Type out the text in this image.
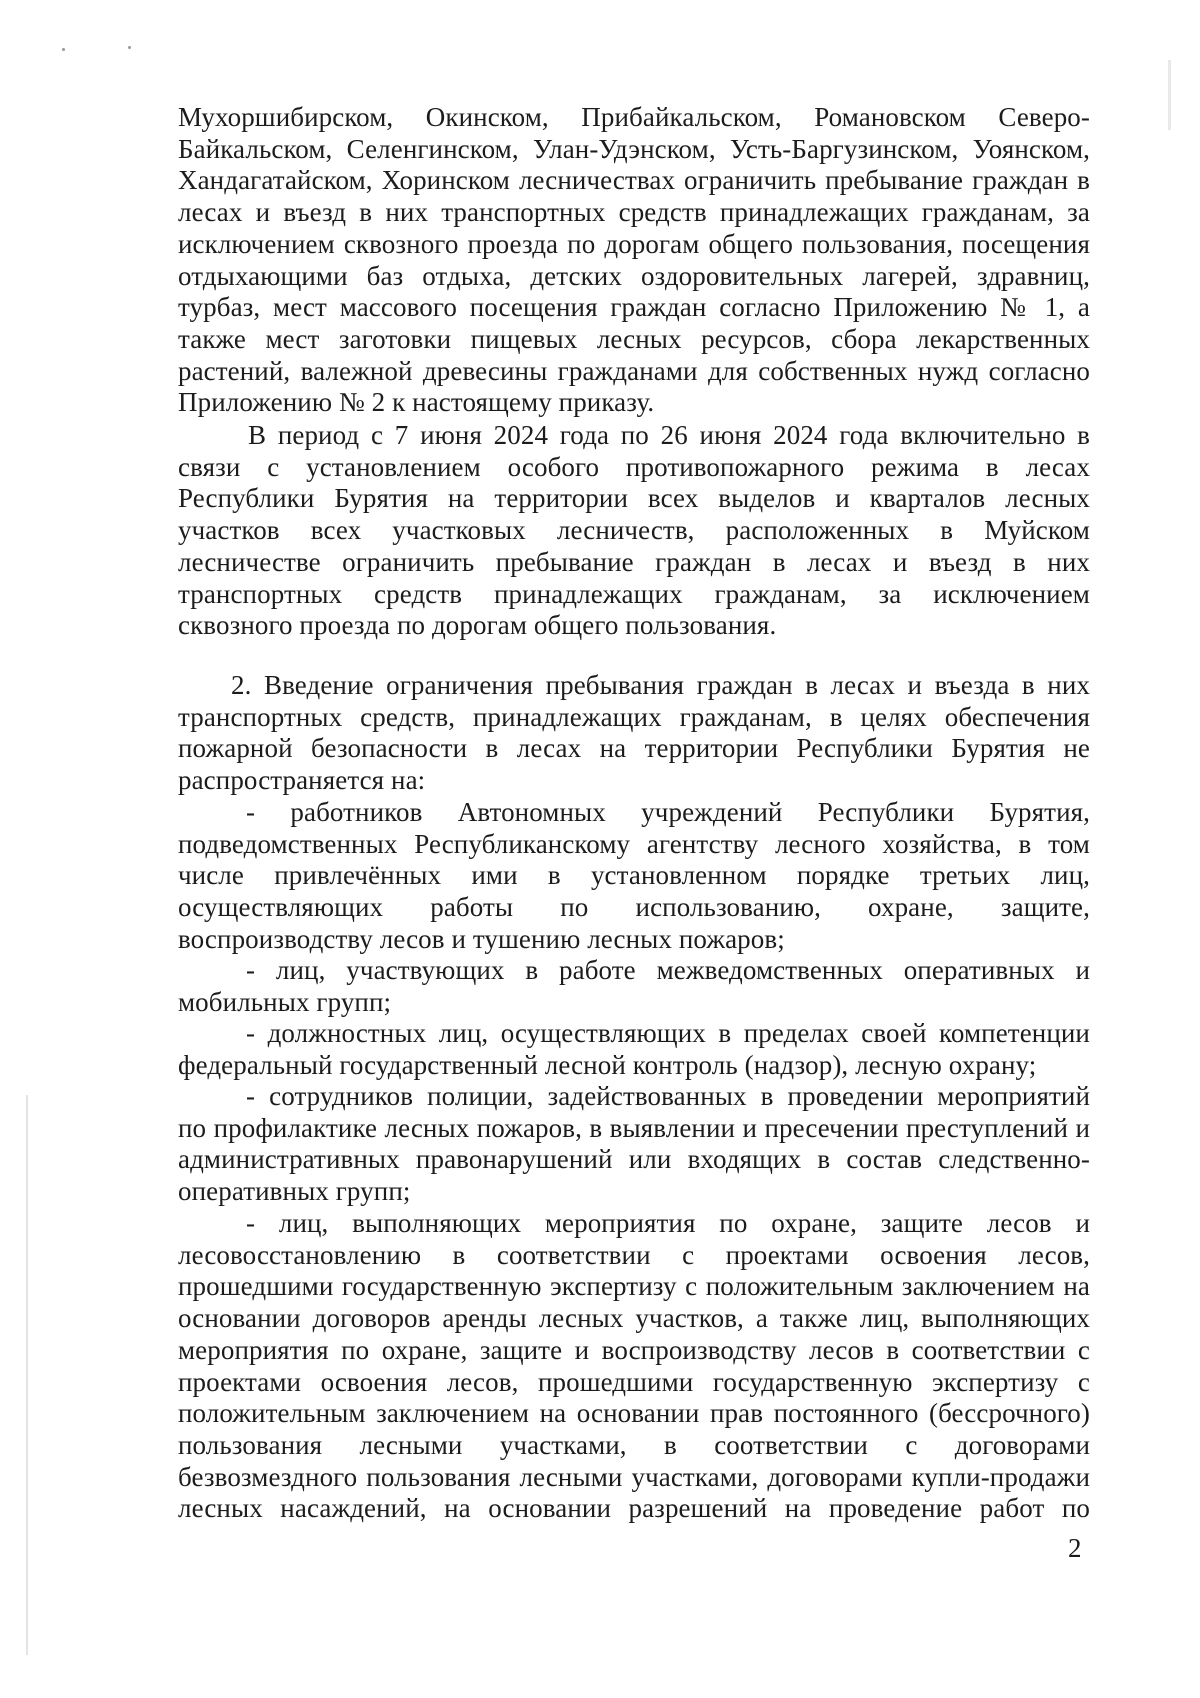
Мухоршибирском, Окинском, Прибайкальском, Романовском Северо-
Байкальском, Селенгинском, Улан-Удэнском, Усть-Баргузинском, Уоянском,
Хандагатайском, Хоринском лесничествах ограничить пребывание граждан в
лесах и въезд в них транспортных средств принадлежащих гражданам, за
исключением сквозного проезда по дорогам общего пользования, посещения
отдыхающими баз отдыха, детских оздоровительных лагерей, здравниц,
турбаз, мест массового посещения граждан согласно Приложению № 1, а
также мест заготовки пищевых лесных ресурсов, сбора лекарственных
растений, валежной древесины гражданами для собственных нужд согласно
Приложению № 2 к настоящему приказу.
В период с 7 июня 2024 года по 26 июня 2024 года включительно в
связи с установлением особого противопожарного режима в лесах
Республики Бурятия на территории всех выделов и кварталов лесных
участков всех участковых лесничеств, расположенных в Муйском
лесничестве ограничить пребывание граждан в лесах и въезд в них
транспортных средств принадлежащих гражданам, за исключением
сквозного проезда по дорогам общего пользования.
2. Введение ограничения пребывания граждан в лесах и въезда в них
транспортных средств, принадлежащих гражданам, в целях обеспечения
пожарной безопасности в лесах на территории Республики Бурятия не
распространяется на:
- работников Автономных учреждений Республики Бурятия,
подведомственных Республиканскому агентству лесного хозяйства, в том
числе привлечённых ими в установленном порядке третьих лиц,
осуществляющих работы по использованию, охране, защите,
воспроизводству лесов и тушению лесных пожаров;
- лиц, участвующих в работе межведомственных оперативных и
мобильных групп;
- должностных лиц, осуществляющих в пределах своей компетенции
федеральный государственный лесной контроль (надзор), лесную охрану;
- сотрудников полиции, задействованных в проведении мероприятий
по профилактике лесных пожаров, в выявлении и пресечении преступлений и
административных правонарушений или входящих в состав следственно-
оперативных групп;
- лиц, выполняющих мероприятия по охране, защите лесов и
лесовосстановлению в соответствии с проектами освоения лесов,
прошедшими государственную экспертизу с положительным заключением на
основании договоров аренды лесных участков, а также лиц, выполняющих
мероприятия по охране, защите и воспроизводству лесов в соответствии с
проектами освоения лесов, прошедшими государственную экспертизу с
положительным заключением на основании прав постоянного (бессрочного)
пользования лесными участками, в соответствии с договорами
безвозмездного пользования лесными участками, договорами купли-продажи
лесных насаждений, на основании разрешений на проведение работ по
2
